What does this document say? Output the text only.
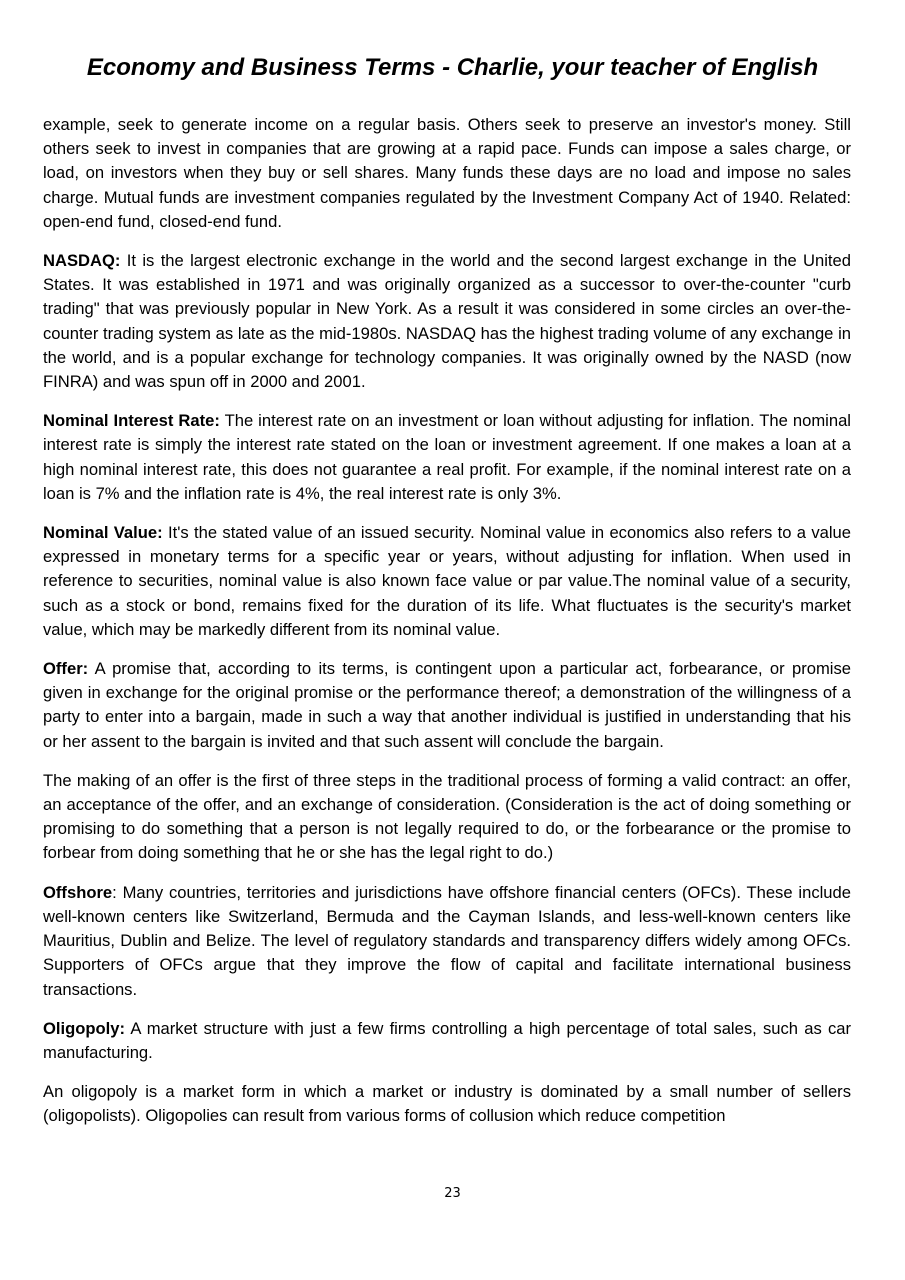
Economy and Business Terms - Charlie, your teacher of English

example, seek to generate income on a regular basis. Others seek to preserve an investor's money. Still others seek to invest in companies that are growing at a rapid pace. Funds can impose a sales charge, or load, on investors when they buy or sell shares. Many funds these days are no load and impose no sales charge. Mutual funds are investment companies regulated by the Investment Company Act of 1940. Related: open-end fund, closed-end fund.

NASDAQ: It is the largest electronic exchange in the world and the second largest exchange in the United States. It was established in 1971 and was originally organized as a successor to over-the-counter "curb trading" that was previously popular in New York. As a result it was considered in some circles an over-the-counter trading system as late as the mid-1980s. NASDAQ has the highest trading volume of any exchange in the world, and is a popular exchange for technology companies. It was originally owned by the NASD (now FINRA) and was spun off in 2000 and 2001.

Nominal Interest Rate: The interest rate on an investment or loan without adjusting for inflation. The nominal interest rate is simply the interest rate stated on the loan or investment agreement. If one makes a loan at a high nominal interest rate, this does not guarantee a real profit. For example, if the nominal interest rate on a loan is 7% and the inflation rate is 4%, the real interest rate is only 3%.

Nominal Value: It's the stated value of an issued security. Nominal value in economics also refers to a value expressed in monetary terms for a specific year or years, without adjusting for inflation. When used in reference to securities, nominal value is also known face value or par value.The nominal value of a security, such as a stock or bond, remains fixed for the duration of its life. What fluctuates is the security's market value, which may be markedly different from its nominal value.

Offer: A promise that, according to its terms, is contingent upon a particular act, forbearance, or promise given in exchange for the original promise or the performance thereof; a demonstration of the willingness of a party to enter into a bargain, made in such a way that another individual is justified in understanding that his or her assent to the bargain is invited and that such assent will conclude the bargain.

The making of an offer is the first of three steps in the traditional process of forming a valid contract: an offer, an acceptance of the offer, and an exchange of consideration. (Consideration is the act of doing something or promising to do something that a person is not legally required to do, or the forbearance or the promise to forbear from doing something that he or she has the legal right to do.)

Offshore: Many countries, territories and jurisdictions have offshore financial centers (OFCs). These include well-known centers like Switzerland, Bermuda and the Cayman Islands, and less-well-known centers like Mauritius, Dublin and Belize. The level of regulatory standards and transparency differs widely among OFCs. Supporters of OFCs argue that they improve the flow of capital and facilitate international business transactions.

Oligopoly: A market structure with just a few firms controlling a high percentage of total sales, such as car manufacturing.

An oligopoly is a market form in which a market or industry is dominated by a small number of sellers (oligopolists). Oligopolies can result from various forms of collusion which reduce competition

23
